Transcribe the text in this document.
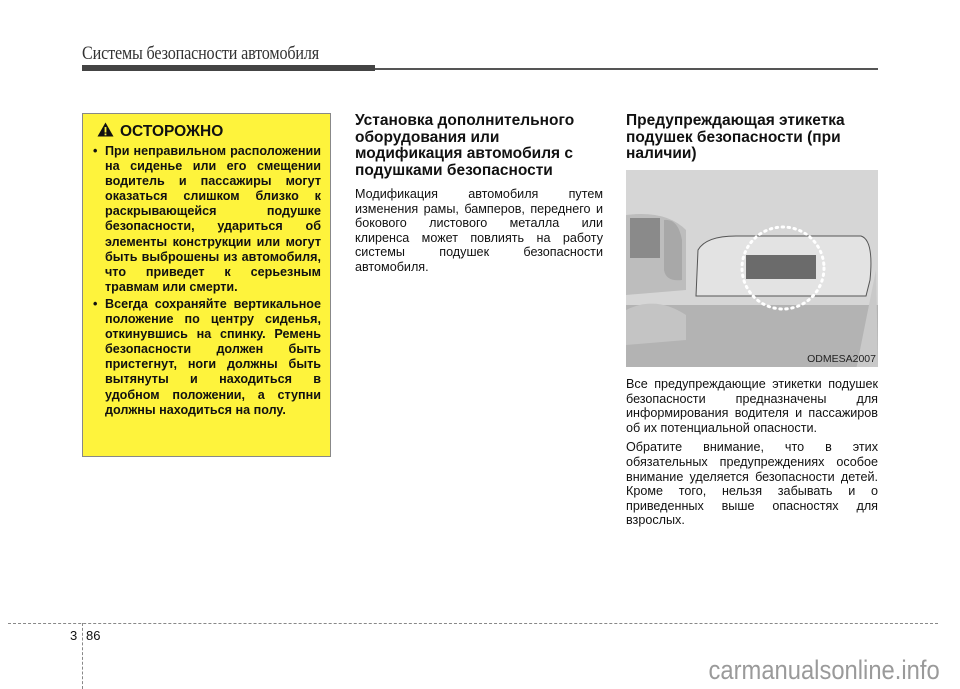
Системы безопасности автомобиля
ОСТОРОЖНО
• При неправильном расположении на сиденье или его смещении водитель и пассажиры могут оказаться слишком близко к раскрывающейся подушке безопасности, удариться об элементы конструкции или могут быть выброшены из автомобиля, что приведет к серьезным травмам или смерти.
• Всегда сохраняйте вертикальное положение по центру сиденья, откинувшись на спинку. Ремень безопасности должен быть пристегнут, ноги должны быть вытянуты и находиться в удобном положении, а ступни должны находиться на полу.
Установка дополнительного оборудования или модификация автомобиля с подушками безопасности
Модификация автомобиля путем изменения рамы, бамперов, переднего и бокового листового металла или клиренса может повлиять на работу системы подушек безопасности автомобиля.
Предупреждающая этикетка подушек безопасности (при наличии)
ODMESA2007
Все предупреждающие этикетки подушек безопасности предназначены для информирования водителя и пассажиров об их потенциальной опасности.
Обратите внимание, что в этих обязательных предупреждениях особое внимание уделяется безопасности детей. Кроме того, нельзя забывать и о приведенных выше опасностях для взрослых.
3 86
carmanualsonline.info
